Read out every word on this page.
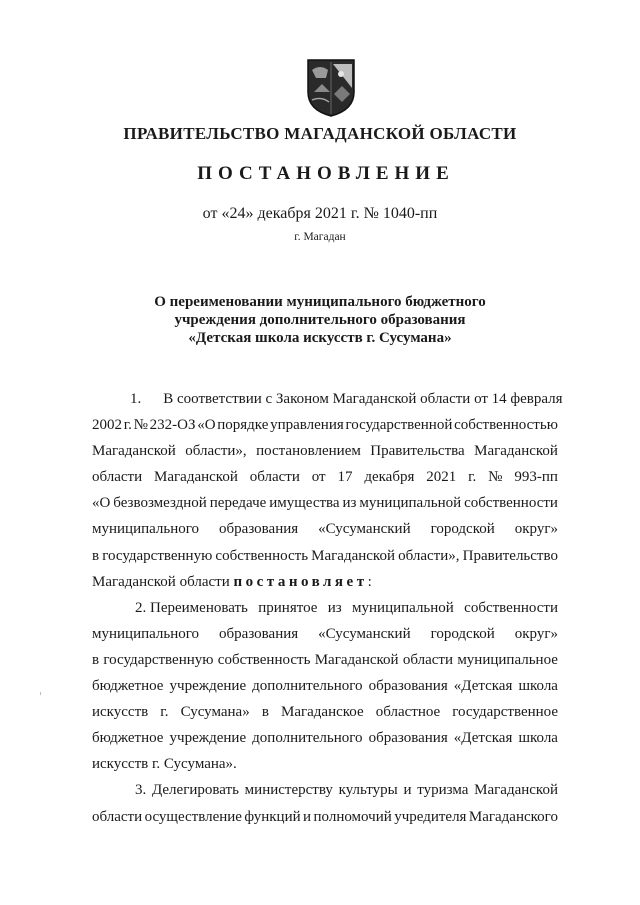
ПРАВИТЕЛЬСТВО МАГАДАНСКОЙ ОБЛАСТИ
ПОСТАНОВЛЕНИЕ
от «24» декабря 2021 г. № 1040-пп
г. Магадан
О переименовании муниципального бюджетного
учреждения дополнительного образования
«Детская школа искусств г. Сусумана»
1. В соответствии с Законом Магаданской области от 14 февраля
2002 г. № 232-ОЗ «О порядке управления государственной собственностью
Магаданской области», постановлением Правительства Магаданской
области Магаданской области от 17 декабря 2021 г. № 993-пп
«О безвозмездной передаче имущества из муниципальной собственности
муниципального образования «Сусуманский городской округ»
в государственную собственность Магаданской области», Правительство
Магаданской области постановляет:
2. Переименовать принятое из муниципальной собственности
муниципального образования «Сусуманский городской округ»
в государственную собственность Магаданской области муниципальное
бюджетное учреждение дополнительного образования «Детская школа
искусств г. Сусумана» в Магаданское областное государственное
бюджетное учреждение дополнительного образования «Детская школа
искусств г. Сусумана».
3. Делегировать министерству культуры и туризма Магаданской
области осуществление функций и полномочий учредителя Магаданского
